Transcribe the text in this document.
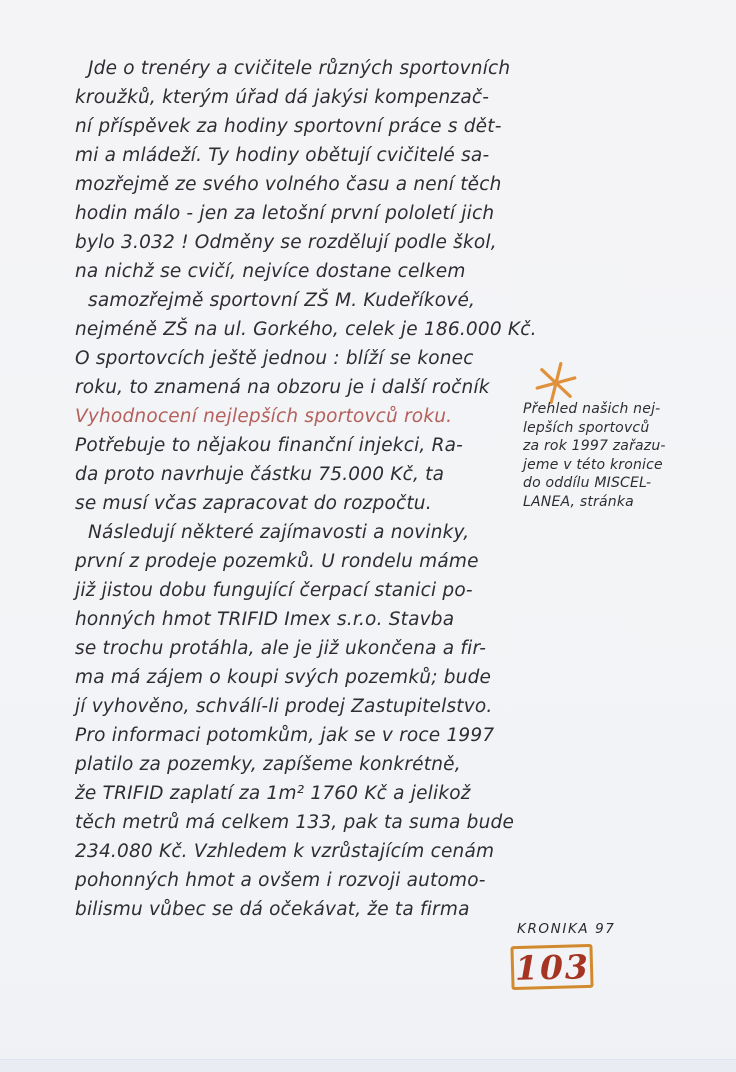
Jde o trenéry a cvičitele různých sportovních
kroužků, kterým úřad dá jakýsi kompenzač-
ní příspěvek za hodiny sportovní práce s dět-
mi a mládeží. Ty hodiny obětují cvičitelé sa-
mozřejmě ze svého volného času a není těch
hodin málo - jen za letošní první pololetí jich
bylo 3.032 ! Odměny se rozdělují podle škol,
na nichž se cvičí, nejvíce dostane celkem
samozřejmě sportovní ZŠ M. Kudeříkové,
nejméně ZŠ na ul. Gorkého, celek je 186.000 Kč.
O sportovcích ještě jednou : blíží se konec
roku, to znamená na obzoru je i další ročník
Vyhodnocení nejlepších sportovců roku.
Potřebuje to nějakou finanční injekci, Ra-
da proto navrhuje částku 75.000 Kč, ta
se musí včas zapracovat do rozpočtu.
Následují některé zajímavosti a novinky,
první z prodeje pozemků. U rondelu máme
již jistou dobu fungující čerpací stanici po-
honných hmot TRIFID Imex s.r.o. Stavba
se trochu protáhla, ale je již ukončena a fir-
ma má zájem o koupi svých pozemků; bude
jí vyhověno, schválí-li prodej Zastupitelstvo.
Pro informaci potomkům, jak se v roce 1997
platilo za pozemky, zapíšeme konkrétně,
že TRIFID zaplatí za 1m² 1760 Kč a jelikož
těch metrů má celkem 133, pak ta suma bude
234.080 Kč. Vzhledem k vzrůstajícím cenám
pohonných hmot a ovšem i rozvoji automo-
bilismu vůbec se dá očekávat, že ta firma
Přehled našich nej-
lepších sportovců
za rok 1997 zařazu-
jeme v této kronice
do oddílu MISCEL-
LANEA, stránka
KRONIKA 97
103
